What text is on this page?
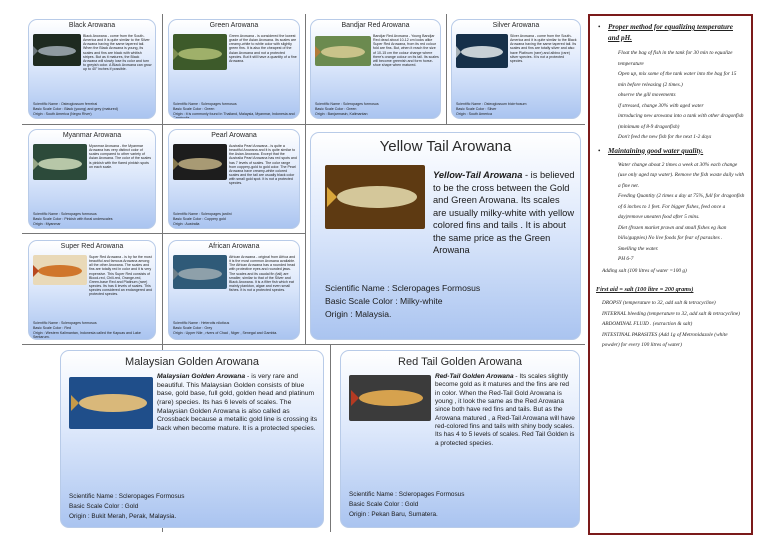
Black Arowana
Black Arowana - come from the South-America and it is quite similar to the Silver Arowana having the same tapered tail. When the Black Arowana is young, its scales and fins are black with whitish stripes. But as it matures, the Black Arowana will slowly lose its color and turn to greyish color. A Black Arowana can grow up to 40" inches if possible.
Scientific Name : Osteoglossum ferreirai
Basic Scale Color : Black (young) and grey (matured)
Origin : South America (Negro River)
Green Arowana
Green Arowana - is considered the lowest grade of the Asian Arowana. Its scales are creamy-white to white color with slightly green fins. It is also the cheapest of the Asian Arowana and not a protected species. But it still have a quantity of a fine Arowana.
Scientific Name : Scleropages formosus
Basic Scale Color : Green
Origin : It is commonly found in Thailand, Malaysia, Myanmar, Indonesia and Cambodia.
Bandjar Red Arowana
Bandjar Red Arowana - Young Bandjar Red dead about 10-12 cm looks alike Super Red Arowana, from its red colour fold are fins. But, when it reach the size of 10-15 cm the colour change where there's orange colour on its tail. Its scales will become greenish and form horse-shoe shape when matured.
Scientific Name : Scleropages formosus
Basic Scale Color : Green
Origin : Banjarmasin, Kalimantan
Silver Arowana
Silver Arowana - come from the South-America and it is quite similar to the Black Arowana having the same tapered tail. Its scales and fins are totally silver and also have Platinum (rare) and albino (rare) silver species. It is not a protected species.
Scientific Name : Osteoglossum bicirrhosum
Basic Scale Color : Silver
Origin : South America
Myanmar Arowana
Myanmar Arowana - the Myanmar Arowana has very distinct color of scales compared to other variety of Asian Arowana. The color of the scales is pinkish with the flared pinkish spots on each scale.
Scientific Name : Scleropages formosus
Basic Scale Color : Pinkish with floral underscales
Origin : Myanmar
Pearl Arowana
Australia Pearl Arowana - is quite a beautiful Arowana and it is quite similar to the Asian Arowana. Except that the Australia Pearl Arowana has red spots and has 7 levels of scales. The color range from coppery-gold to gold color. The Pearl Arowana have creamy-white colored scales and the tail are usually black color with small gold spot. It is not a protected species.
Scientific Name : Scleropages jardini
Basic Scale Color : Coppery gold
Origin : Australia
Yellow Tail Arowana
Yellow-Tail Arowana - is believed to be the cross between the Gold and Green Arowana. Its scales are usually milky-white with yellow colored fins and tails . It is about the same price as the Green Arowana
Scientific Name : Scleropages Formosus
Basic Scale Color : Milky-white
Origin : Malaysia.
Super Red Arowana
Super Red Arowana - is by far the most beautiful and famous Arowana among all the other Arowana. The scales and fins are totally red in color and it is very expensive. This Super Red consists of Blood-red, Chili-red, Orange-red, Green-base Red and Platinum (rare) species. Its has 6 levels of scales. This species considered an endangered and protected species.
Scientific Name : Scleropages formosus
Basic Scale Color : Red
Origin : Western Kalimantan, Indonesia called the Kapuas and Lake Sentarum.
African Arowana
African Arowana - original from Africa and it is the most common Arowana available. The African Arowana has a rounded head with protective eyes and rounded jaws. The scales and its caudal fin (tail) are smaller, similar to that of the Silver and Black Arowana. It is a filter fish which eat mainly plankton, algae and even small fishes. It is not a protected species.
Scientific Name : Heterotis niloticus
Basic Scale Color : Grey
Origin : Upper Nile , rivers of Chad , Niger , Senegal and Gambia.
Malaysian Golden Arowana
Malaysian Golden Arowana - is very rare and beautiful. This Malaysian Golden consists of blue base, gold base, full gold, golden head and platinum (rare) species. Its has 6 levels of scales. The Malaysian Golden Arowana is also called as Crossback because a metallic gold line is crossing its back when become mature. It is a protected species.
Scientific Name : Scleropages Formosus
Basic Scale Color : Gold
Origin : Bukit Merah, Perak, Malaysia.
Red Tail Golden Arowana
Red-Tail Golden Arowana - Its scales slightly become gold as it matures and the fins are red in color. When the Red-Tail Gold Arowana is young , it look the same as the Red Arowana since both have red fins and tails. But as the Arowana matured , a Red-Tail Arowana will have red-colored fins and tails with shiny body scales. Its has 4 to 5 levels of scales. Red Tail Golden is a protected species.
Scientific Name : Scleropages Formosus
Basic Scale Color : Gold
Origin : Pekan Baru, Sumatera.
• Proper method for equalizing temperature and pH.
Float the bag of fish in the tank for 30 min to equalize temperature
Open up, mix some of the tank water into the bag for 15 min before releasing (2 times.)
observe the gill movements
if stressed, change 30% with aged water
introducing new arowana into a tank with other dragonfish (minimum of 8-9 dragonfish)
Don't feed the new fish for the next 1-2 days
• Maintaining good water quality.
Water change about 2 times a week at 30% each change (use only aged tap water). Remove the fish waste daily with a fine net.
Feeding Quantity (2 times a day at 75%, full for dragonfish of 6 inches to 1 feet. For bigger fishes, feed once a day)remove uneaten food after 5 mins.
Diet (frozen market prawn and small fishes eg ikan bilis/guppies) No live foods for fear of parasites .
Smelling the water.
PH 6-7
Adding salt (100 litres of water =100 g)
First aid = salt (100 litre = 200 grams)
DROPSY (temperature to 32, add salt & tetracycline)
INTERNAL bleeding (temperature to 32, add salt & tetracycline)
ABDOMINAL FLUID . (extraction & salt)
INTESTINAL PARASITES (Add 1g of Metronidazole (white powder) for every 100 litres of water)
